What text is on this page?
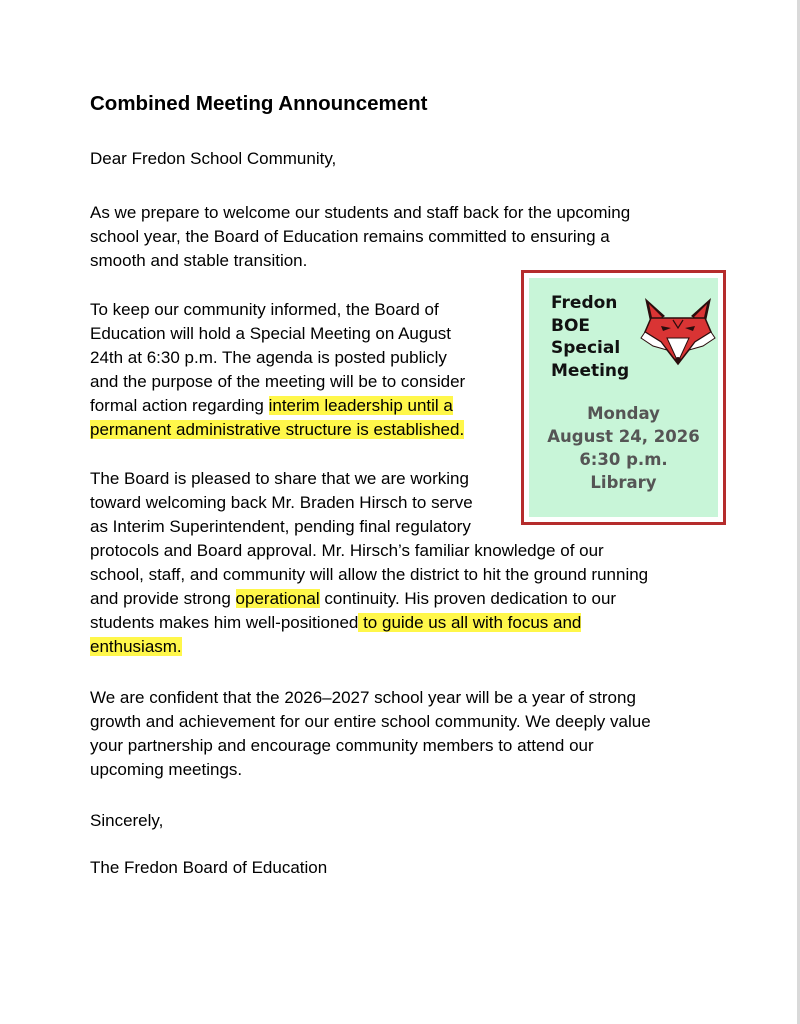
Combined Meeting Announcement
Dear Fredon School Community,
As we prepare to welcome our students and staff back for the upcoming
school year, the Board of Education remains committed to ensuring a
smooth and stable transition.
To keep our community informed, the Board of
Education will hold a Special Meeting on August
24th at 6:30 p.m. The agenda is posted publicly
and the purpose of the meeting will be to consider
formal action regarding interim leadership until a
permanent administrative structure is established.
The Board is pleased to share that we are working
toward welcoming back Mr. Braden Hirsch to serve
as Interim Superintendent, pending final regulatory
protocols and Board approval. Mr. Hirsch’s familiar knowledge of our
school, staff, and community will allow the district to hit the ground running
and provide strong operational continuity. His proven dedication to our
students makes him well-positioned to guide us all with focus and
enthusiasm.
We are confident that the 2026–2027 school year will be a year of strong
growth and achievement for our entire school community. We deeply value
your partnership and encourage community members to attend our
upcoming meetings.
Sincerely,
The Fredon Board of Education
Fredon
BOE
Special
Meeting
Monday
August 24, 2026
6:30 p.m.
Library
